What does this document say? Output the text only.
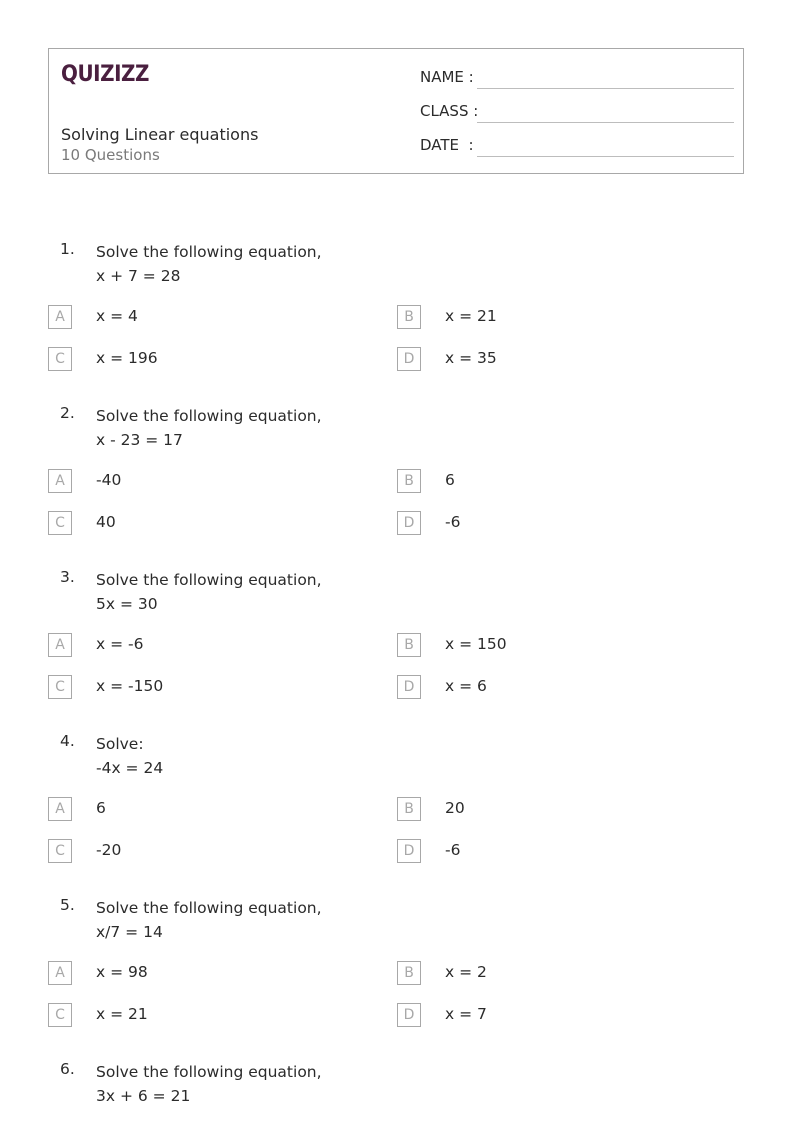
QUIZIZZ
Solving Linear equations
10 Questions
NAME :
CLASS :
DATE  :
1. Solve the following equation,
x + 7 = 28
A	x = 4	B	x = 21
C	x = 196	D	x = 35
2. Solve the following equation,
x - 23 = 17
A	-40	B	6
C	40	D	-6
3. Solve the following equation,
5x = 30
A	x = -6	B	x = 150
C	x = -150	D	x = 6
4. Solve:
-4x = 24
A	6	B	20
C	-20	D	-6
5. Solve the following equation,
x/7 = 14
A	x = 98	B	x = 2
C	x = 21	D	x = 7
6. Solve the following equation,
3x + 6 = 21
